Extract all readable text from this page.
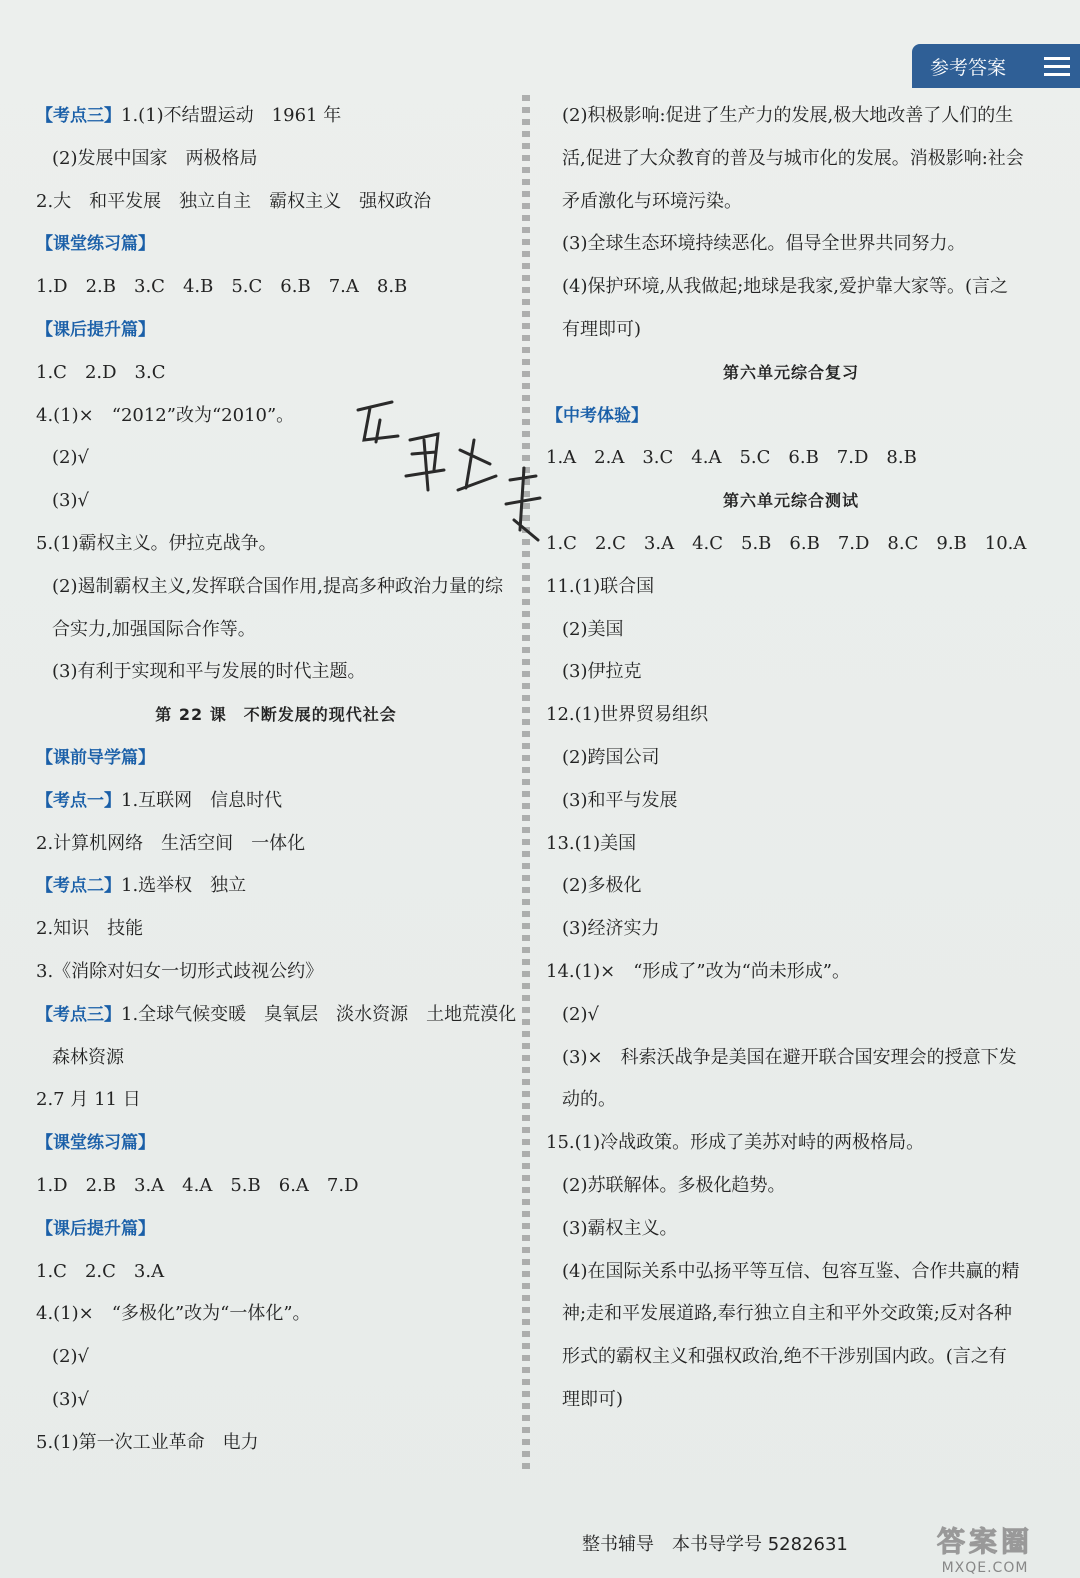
参考答案
【考点三】1.(1)不结盟运动　1961 年
(2)发展中国家　两极格局
2.大　和平发展　独立自主　霸权主义　强权政治
【课堂练习篇】
1.D　2.B　3.C　4.B　5.C　6.B　7.A　8.B
【课后提升篇】
1.C　2.D　3.C
4.(1)×　“2012”改为“2010”。
(2)√
(3)√
5.(1)霸权主义。伊拉克战争。
(2)遏制霸权主义,发挥联合国作用,提高多种政治力量的综
合实力,加强国际合作等。
(3)有利于实现和平与发展的时代主题。
第 22 课　不断发展的现代社会
【课前导学篇】
【考点一】1.互联网　信息时代
2.计算机网络　生活空间　一体化
【考点二】1.选举权　独立
2.知识　技能
3.《消除对妇女一切形式歧视公约》
【考点三】1.全球气候变暖　臭氧层　淡水资源　土地荒漠化
森林资源
2.7 月 11 日
【课堂练习篇】
1.D　2.B　3.A　4.A　5.B　6.A　7.D
【课后提升篇】
1.C　2.C　3.A
4.(1)×　“多极化”改为“一体化”。
(2)√
(3)√
5.(1)第一次工业革命　电力
(2)积极影响:促进了生产力的发展,极大地改善了人们的生
活,促进了大众教育的普及与城市化的发展。消极影响:社会
矛盾激化与环境污染。
(3)全球生态环境持续恶化。倡导全世界共同努力。
(4)保护环境,从我做起;地球是我家,爱护靠大家等。(言之
有理即可)
第六单元综合复习
【中考体验】
1.A　2.A　3.C　4.A　5.C　6.B　7.D　8.B
第六单元综合测试
1.C　2.C　3.A　4.C　5.B　6.B　7.D　8.C　9.B　10.A
11.(1)联合国
(2)美国
(3)伊拉克
12.(1)世界贸易组织
(2)跨国公司
(3)和平与发展
13.(1)美国
(2)多极化
(3)经济实力
14.(1)×　“形成了”改为“尚未形成”。
(2)√
(3)×　科索沃战争是美国在避开联合国安理会的授意下发
动的。
15.(1)冷战政策。形成了美苏对峙的两极格局。
(2)苏联解体。多极化趋势。
(3)霸权主义。
(4)在国际关系中弘扬平等互信、包容互鉴、合作共赢的精
神;走和平发展道路,奉行独立自主和平外交政策;反对各种
形式的霸权主义和强权政治,绝不干涉别国内政。(言之有
理即可)
整书辅导　本书导学号 5282631	答案圈
MXQE.COM
